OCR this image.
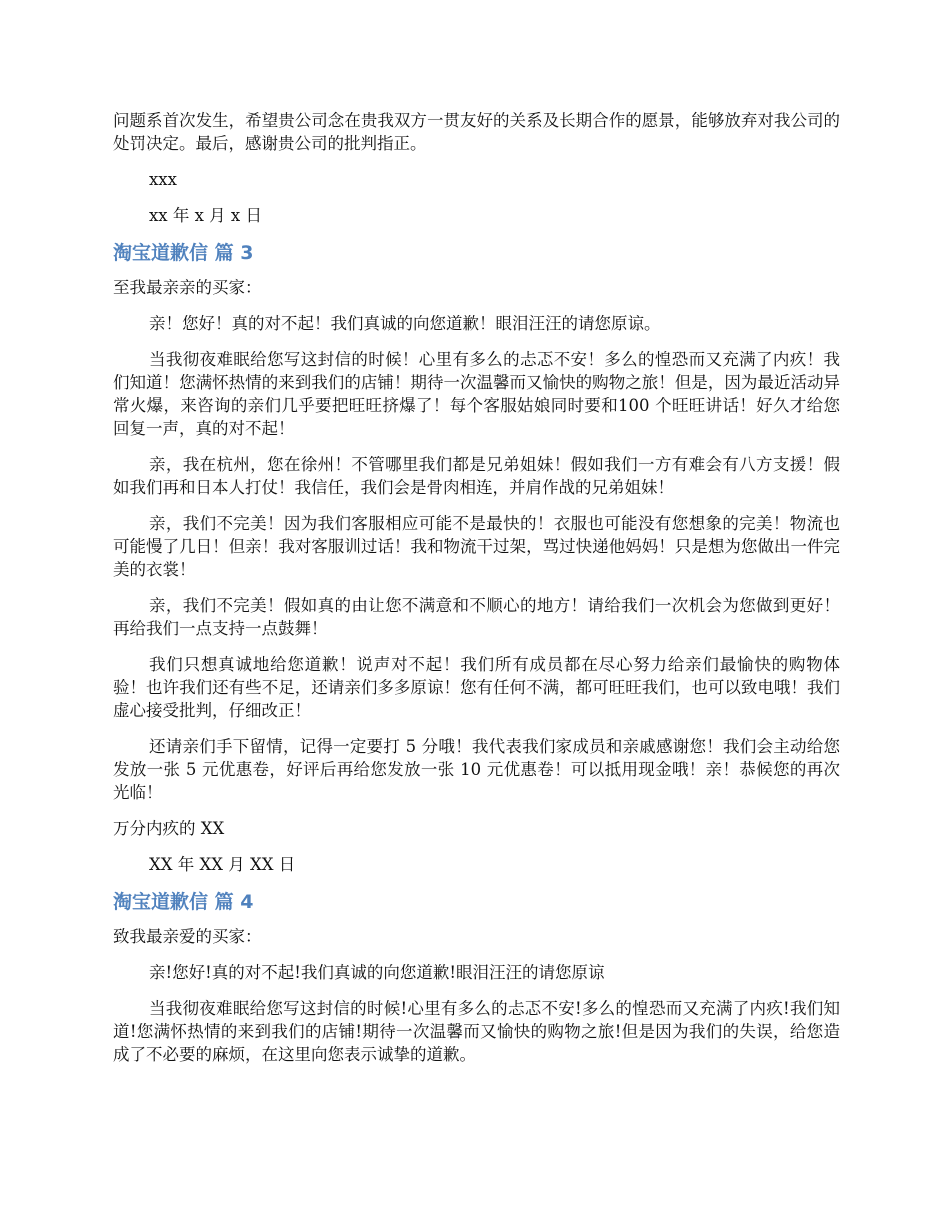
问题系首次发生，希望贵公司念在贵我双方一贯友好的关系及长期合作的愿景，能够放弃对我公司的处罚决定。最后，感谢贵公司的批判指正。

xxx

xx 年 x 月 x 日

淘宝道歉信 篇 3

至我最亲亲的买家：

亲！您好！真的对不起！我们真诚的向您道歉！眼泪汪汪的请您原谅。

当我彻夜难眠给您写这封信的时候！心里有多么的忐忑不安！多么的惶恐而又充满了内疚！我们知道！您满怀热情的来到我们的店铺！期待一次温馨而又愉快的购物之旅！但是，因为最近活动异常火爆，来咨询的亲们几乎要把旺旺挤爆了！每个客服姑娘同时要和100 个旺旺讲话！好久才给您回复一声，真的对不起！

亲，我在杭州，您在徐州！不管哪里我们都是兄弟姐妹！假如我们一方有难会有八方支援！假如我们再和日本人打仗！我信任，我们会是骨肉相连，并肩作战的兄弟姐妹！

亲，我们不完美！因为我们客服相应可能不是最快的！衣服也可能没有您想象的完美！物流也可能慢了几日！但亲！我对客服训过话！我和物流干过架，骂过快递他妈妈！只是想为您做出一件完美的衣裳！

亲，我们不完美！假如真的由让您不满意和不顺心的地方！请给我们一次机会为您做到更好！再给我们一点支持一点鼓舞！

我们只想真诚地给您道歉！说声对不起！我们所有成员都在尽心努力给亲们最愉快的购物体验！也许我们还有些不足，还请亲们多多原谅！您有任何不满，都可旺旺我们，也可以致电哦！我们虚心接受批判，仔细改正！

还请亲们手下留情，记得一定要打 5 分哦！我代表我们家成员和亲戚感谢您！我们会主动给您发放一张 5 元优惠卷，好评后再给您发放一张 10 元优惠卷！可以抵用现金哦！亲！恭候您的再次光临！

万分内疚的 XX

XX 年 XX 月 XX 日

淘宝道歉信 篇 4

致我最亲爱的买家：

亲!您好!真的对不起!我们真诚的向您道歉!眼泪汪汪的请您原谅

当我彻夜难眠给您写这封信的时候!心里有多么的忐忑不安!多么的惶恐而又充满了内疚!我们知道!您满怀热情的来到我们的店铺!期待一次温馨而又愉快的购物之旅!但是因为我们的失误，给您造成了不必要的麻烦，在这里向您表示诚挚的道歉。
